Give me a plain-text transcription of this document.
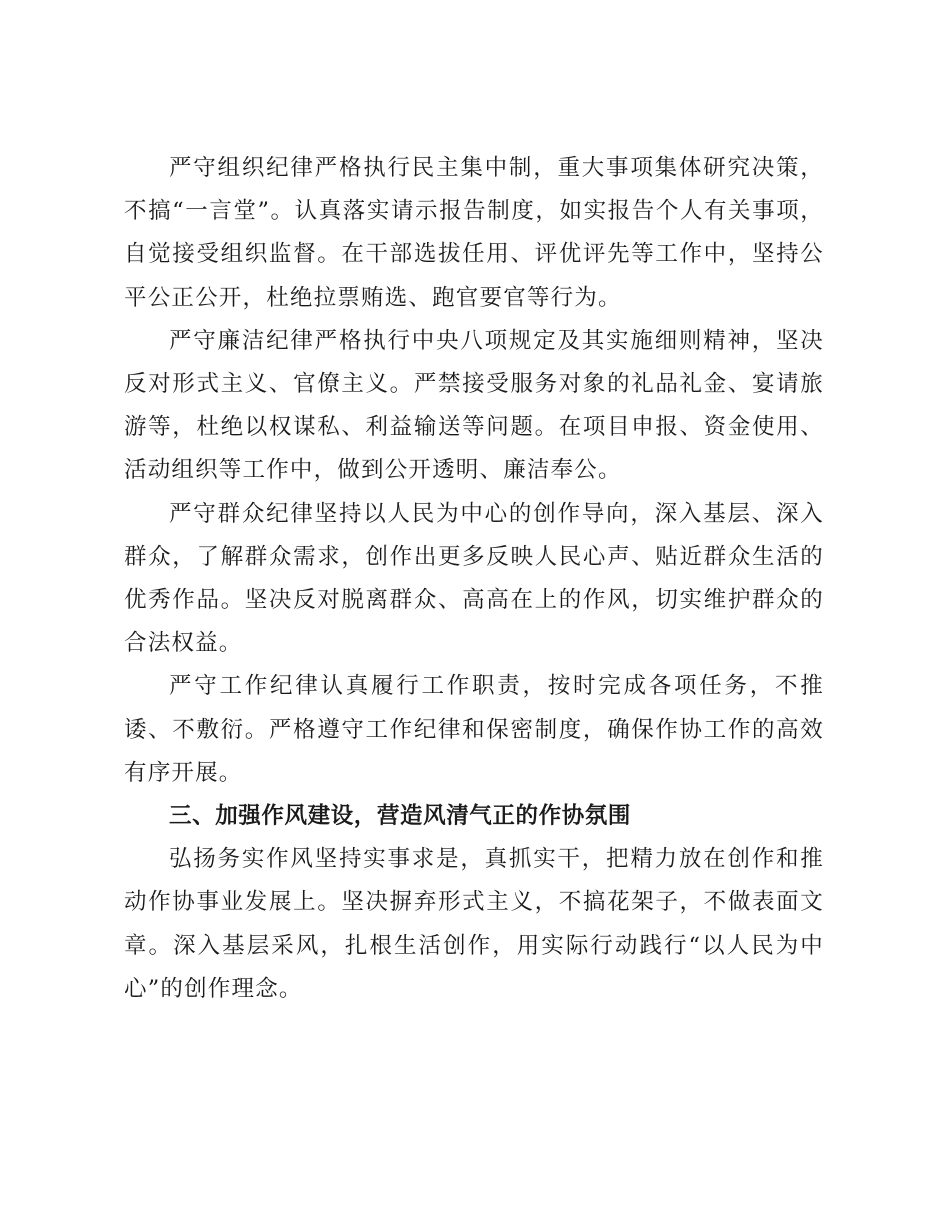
严守组织纪律严格执行民主集中制，重大事项集体研究决策，不搞“一言堂”。认真落实请示报告制度，如实报告个人有关事项，自觉接受组织监督。在干部选拔任用、评优评先等工作中，坚持公平公正公开，杜绝拉票贿选、跑官要官等行为。

严守廉洁纪律严格执行中央八项规定及其实施细则精神，坚决反对形式主义、官僚主义。严禁接受服务对象的礼品礼金、宴请旅游等，杜绝以权谋私、利益输送等问题。在项目申报、资金使用、活动组织等工作中，做到公开透明、廉洁奉公。

严守群众纪律坚持以人民为中心的创作导向，深入基层、深入群众，了解群众需求，创作出更多反映人民心声、贴近群众生活的优秀作品。坚决反对脱离群众、高高在上的作风，切实维护群众的合法权益。

严守工作纪律认真履行工作职责，按时完成各项任务，不推诿、不敷衍。严格遵守工作纪律和保密制度，确保作协工作的高效有序开展。

三、加强作风建设，营造风清气正的作协氛围

弘扬务实作风坚持实事求是，真抓实干，把精力放在创作和推动作协事业发展上。坚决摒弃形式主义，不搞花架子，不做表面文章。深入基层采风，扎根生活创作，用实际行动践行“以人民为中心”的创作理念。
